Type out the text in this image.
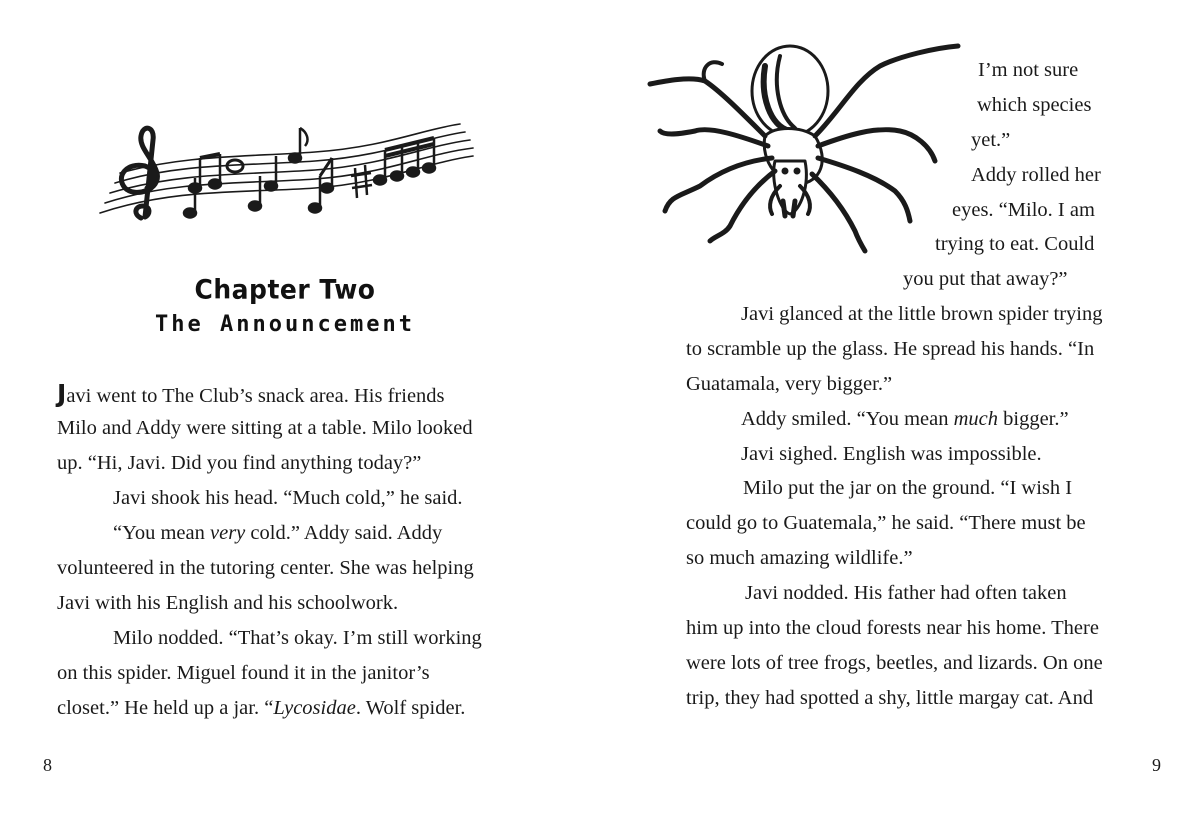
Chapter Two
The Announcement
Javi went to The Club’s snack area. His friends
Milo and Addy were sitting at a table. Milo looked
up. “Hi, Javi. Did you find anything today?”
Javi shook his head. “Much cold,” he said.
“You mean very cold.” Addy said. Addy
volunteered in the tutoring center. She was helping
Javi with his English and his schoolwork.
Milo nodded. “That’s okay. I’m still working
on this spider. Miguel found it in the janitor’s
closet.” He held up a jar. “Lycosidae. Wolf spider.
8	9
I’m not sure
which species
yet.”
Addy rolled her
eyes. “Milo. I am
trying to eat. Could
you put that away?”
Javi glanced at the little brown spider trying
to scramble up the glass. He spread his hands. “In
Guatamala, very bigger.”
Addy smiled. “You mean much bigger.”
Javi sighed. English was impossible.
Milo put the jar on the ground. “I wish I
could go to Guatemala,” he said. “There must be
so much amazing wildlife.”
Javi nodded. His father had often taken
him up into the cloud forests near his home. There
were lots of tree frogs, beetles, and lizards. On one
trip, they had spotted a shy, little margay cat. And
